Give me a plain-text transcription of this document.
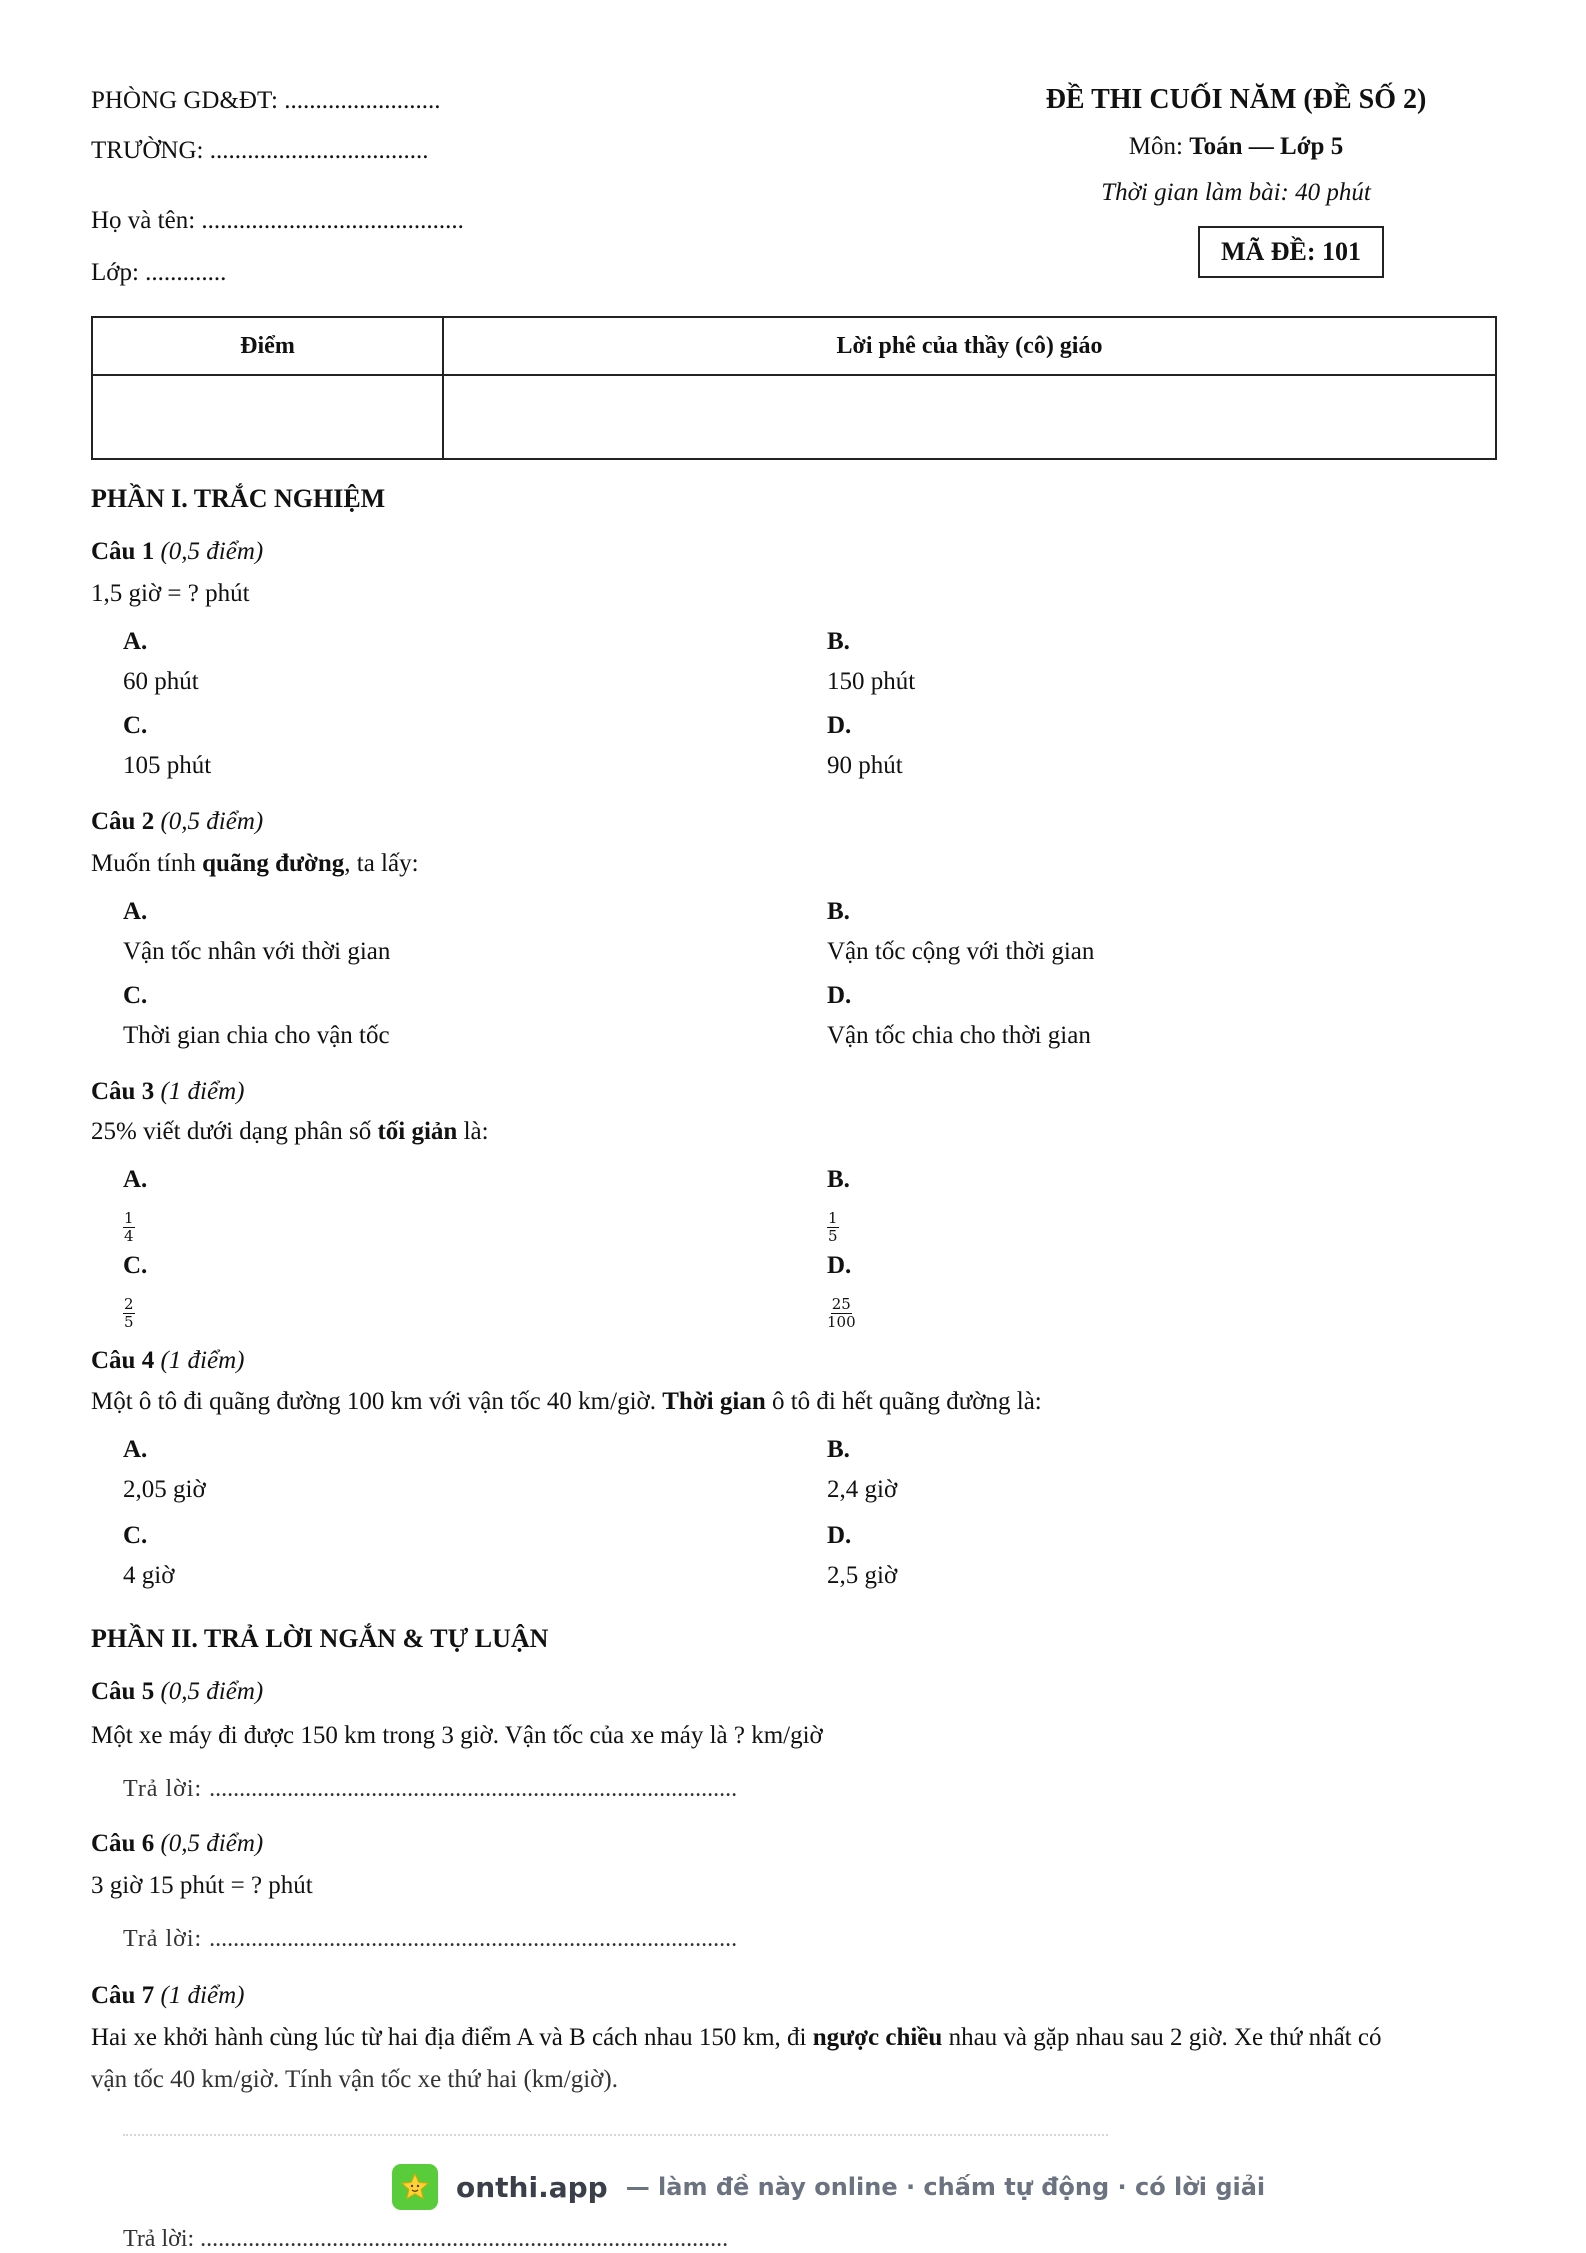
PHÒNG GD&ĐT: .........................
TRƯỜNG: ...................................
Họ và tên: ..........................................
Lớp: .............
ĐỀ THI CUỐI NĂM (ĐỀ SỐ 2)
Môn: Toán — Lớp 5
Thời gian làm bài: 40 phút
MÃ ĐỀ: 101
Điểm	Lời phê của thầy (cô) giáo

PHẦN I. TRẮC NGHIỆM
Câu 1 (0,5 điểm)
1,5 giờ = ? phút
A.
60 phút
B.
150 phút
C.
105 phút
D.
90 phút
Câu 2 (0,5 điểm)
Muốn tính quãng đường, ta lấy:
A.
Vận tốc nhân với thời gian
B.
Vận tốc cộng với thời gian
C.
Thời gian chia cho vận tốc
D.
Vận tốc chia cho thời gian
Câu 3 (1 điểm)
25% viết dưới dạng phân số tối giản là:
A.
$\frac{1}{4}$
B.
$\frac{1}{5}$
C.
$\frac{2}{5}$
D.
$\frac{25}{100}$
Câu 4 (1 điểm)
Một ô tô đi quãng đường 100 km với vận tốc 40 km/giờ. Thời gian ô tô đi hết quãng đường là:
A.
2,05 giờ
B.
2,4 giờ
C.
4 giờ
D.
2,5 giờ
PHẦN II. TRẢ LỜI NGẮN & TỰ LUẬN
Câu 5 (0,5 điểm)
Một xe máy đi được 150 km trong 3 giờ. Vận tốc của xe máy là ? km/giờ
Trả lời: ........................................................................................
Câu 6 (0,5 điểm)
3 giờ 15 phút = ? phút
Trả lời: ........................................................................................
Câu 7 (1 điểm)
Hai xe khởi hành cùng lúc từ hai địa điểm A và B cách nhau 150 km, đi ngược chiều nhau và gặp nhau sau 2 giờ. Xe thứ nhất có
vận tốc 40 km/giờ. Tính vận tốc xe thứ hai (km/giờ).
onthi.app — làm đề này online · chấm tự động · có lời giải
Trả lời: ........................................................................................
